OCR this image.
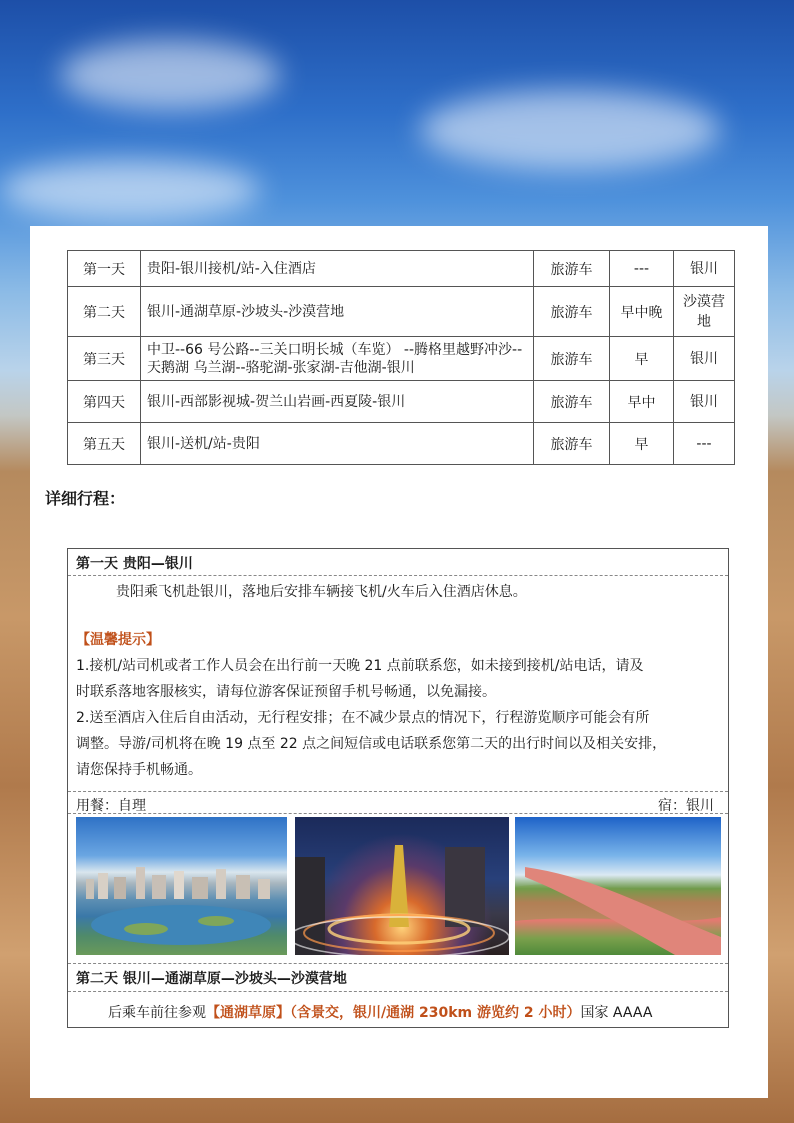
第一天	贵阳-银川接机/站-入住酒店	旅游车	---	银川
第二天	银川-通湖草原-沙坡头-沙漠营地	旅游车	早中晚	沙漠营地
第三天	中卫--66 号公路--三关口明长城（车览） --腾格里越野冲沙--天鹅湖 乌兰湖--骆驼湖-张家湖-吉他湖-银川	旅游车	早	银川
第四天	银川-西部影视城-贺兰山岩画-西夏陵-银川	旅游车	早中	银川
第五天	银川-送机/站-贵阳	旅游车	早	---
详细行程：
第一天 贵阳—银川
贵阳乘飞机赴银川，落地后安排车辆接飞机/火车后入住酒店休息。
【温馨提示】
1.接机/站司机或者工作人员会在出行前一天晚 21 点前联系您，如未接到接机/站电话，请及
时联系落地客服核实，请每位游客保证预留手机号畅通，以免漏接。
2.送至酒店入住后自由活动，无行程安排；在不减少景点的情况下，行程游览顺序可能会有所
调整。导游/司机将在晚 19 点至 22 点之间短信或电话联系您第二天的出行时间以及相关安排，
请您保持手机畅通。
用餐：自理	宿：银川
第二天 银川—通湖草原—沙坡头—沙漠营地
后乘车前往参观【通湖草原】（含景交，银川/通湖 230km 游览约 2 小时）国家 AAAA
